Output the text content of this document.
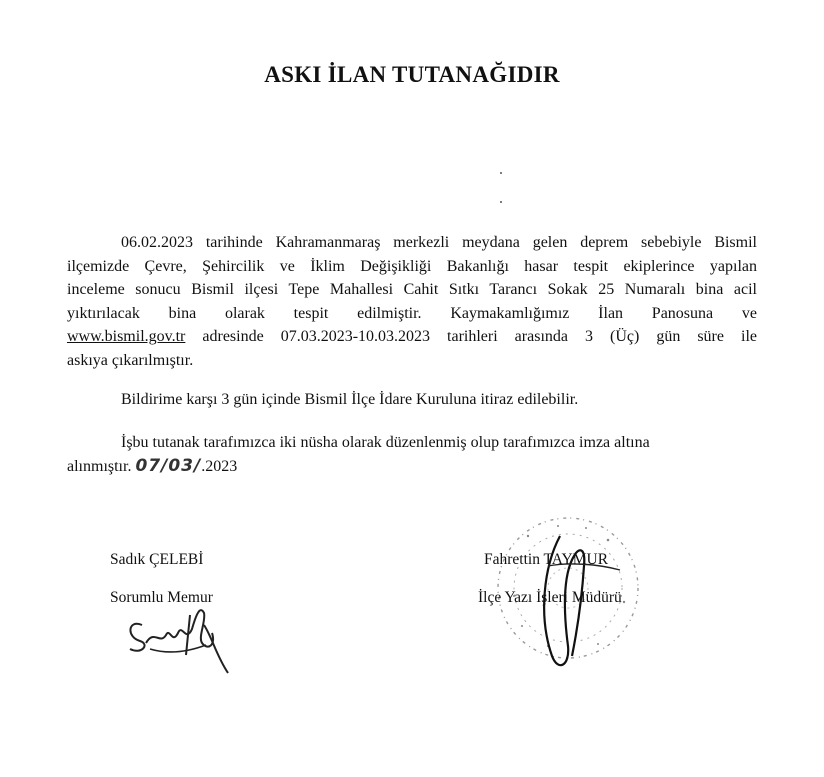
ASKI İLAN TUTANAĞIDIR
06.02.2023 tarihinde Kahramanmaraş merkezli meydana gelen deprem sebebiyle Bismil
ilçemizde Çevre, Şehircilik ve İklim Değişikliği Bakanlığı hasar tespit ekiplerince yapılan
inceleme sonucu Bismil ilçesi Tepe Mahallesi Cahit Sıtkı Tarancı Sokak 25 Numaralı bina acil
yıktırılacak bina olarak tespit edilmiştir. Kaymakamlığımız İlan Panosuna ve
www.bismil.gov.tr adresinde 07.03.2023-10.03.2023 tarihleri arasında 3 (Üç) gün süre ile
askıya çıkarılmıştır.

Bildirime karşı 3 gün içinde Bismil İlçe İdare Kuruluna itiraz edilebilir.

İşbu tutanak tarafımızca iki nüsha olarak düzenlenmiş olup tarafımızca imza altına
alınmıştır. 07/03/.2023
Sadık ÇELEBİ
Sorumlu Memur
Fahrettin TAYMUR
İlçe Yazı İşleri Müdürü
